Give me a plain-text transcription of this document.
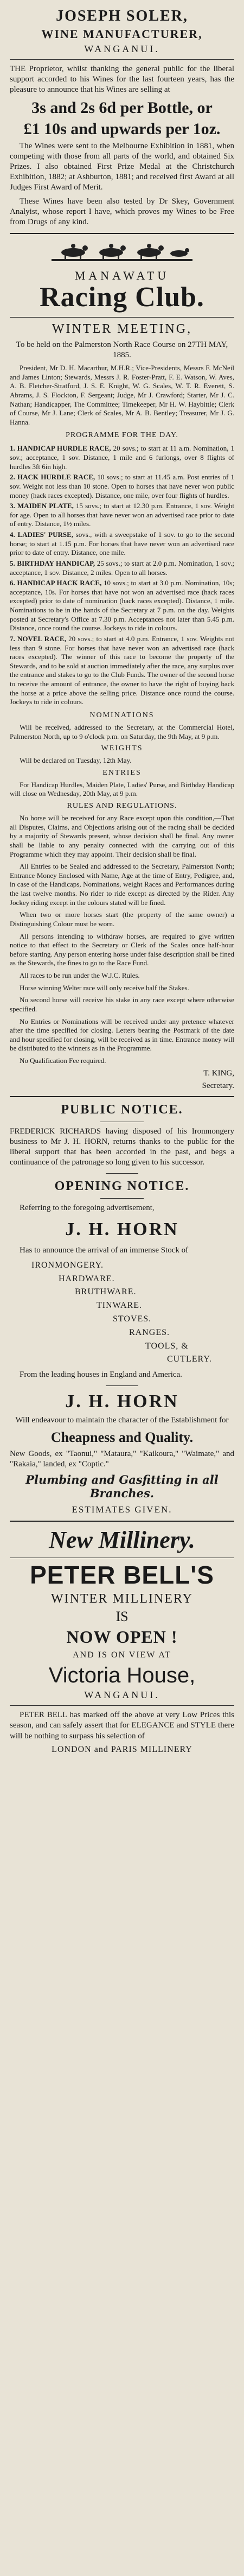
JOSEPH SOLER,
WINE MANUFACTURER,
WANGANUI.

THE Proprietor, whilst thanking the general public for the liberal support accorded to his Wines for the last fourteen years, has the pleasure to announce that his Wines are selling at

3s and 2s 6d per Bottle, or
£1 10s and upwards per 1oz.

The Wines were sent to the Melbourne Exhibition in 1881, when competing with those from all parts of the world, and obtained Six Prizes. I also obtained First Prize Medal at the Christchurch Exhibition, 1882; at Ashburton, 1881; and received first Award at all Judges First Award of Merit.

These Wines have been also tested by Dr Skey, Government Analyist, whose report I have, which proves my Wines to be Free from Drugs of any kind.

MANAWATU
Racing Club.
WINTER MEETING,

To be held on the Palmerston North Race Course on 27TH MAY, 1885.

President, Mr D. H. Macarthur, M.H.R.; Vice-Presidents, Messrs F. McNeil and James Linton; Stewards, Messrs J. R. Foster-Pratt, F. E. Watson, W. Aves, A. B. Fletcher-Stratford, J. S. E. Knight, W. G. Scales, W. T. R. Everett, S. Abrams, J. S. Flockton, F. Sergeant; Judge, Mr J. Crawford; Starter, Mr J. C. Nathan; Handicapper, The Committee; Timekeeper, Mr H. W. Haybittle; Clerk of Course, Mr J. Lane; Clerk of Scales, Mr A. B. Bentley; Treasurer, Mr J. G. Hanna.

PROGRAMME FOR THE DAY.
1. HANDICAP HURDLE RACE, 20 sovs.; to start at 11 a.m. Nomination, 1 sov.; acceptance, 1 sov. Distance, 1 mile and 6 furlongs, over 8 flights of hurdles 3ft 6in high.
2. HACK HURDLE RACE, 10 sovs.; to start at 11.45 a.m. Post entries of 1 sov. Weight not less than 10 stone. Open to horses that have never won public money (hack races excepted). Distance, one mile, over four flights of hurdles.
3. MAIDEN PLATE, 15 sovs.; to start at 12.30 p.m. Entrance, 1 sov. Weight for age. Open to all horses that have never won an advertised race prior to date of entry. Distance, 1½ miles.
4. LADIES' PURSE, sovs., with a sweepstake of 1 sov. to go to the second horse; to start at 1.15 p.m. For horses that have never won an advertised race prior to date of entry. Distance, one mile.
5. BIRTHDAY HANDICAP, 25 sovs.; to start at 2.0 p.m. Nomination, 1 sov.; acceptance, 1 sov. Distance, 2 miles. Open to all horses.
6. HANDICAP HACK RACE, 10 sovs.; to start at 3.0 p.m. Nomination, 10s; acceptance, 10s. For horses that have not won an advertised race (hack races excepted) prior to date of nomination (hack races excepted). Distance, 1 mile. Nominations to be in the hands of the Secretary at 7 p.m. on the day. Weights posted at Secretary's Office at 7.30 p.m. Acceptances not later than 5.45 p.m. Distance, once round the course. Jockeys to ride in colours.
7. NOVEL RACE, 20 sovs.; to start at 4.0 p.m. Entrance, 1 sov. Weights not less than 9 stone. For horses that have never won an advertised race (hack races excepted). The winner of this race to become the property of the Stewards, and to be sold at auction immediately after the race, any surplus over the entrance and stakes to go to the Club Funds. The owner of the second horse to receive the amount of entrance, the owner to have the right of buying back the horse at a price above the selling price. Distance once round the course. Jockeys to ride in colours.
NOMINATIONS

Will be received, addressed to the Secretary, at the Commercial Hotel, Palmerston North, up to 9 o'clock p.m. on Saturday, the 9th May, at 9 p.m.

WEIGHTS

Will be declared on Tuesday, 12th May.

ENTRIES

For Handicap Hurdles, Maiden Plate, Ladies' Purse, and Birthday Handicap will close on Wednesday, 20th May, at 9 p.m.

RULES AND REGULATIONS.

No horse will be received for any Race except upon this condition,—That all Disputes, Claims, and Objections arising out of the racing shall be decided by a majority of Stewards present, whose decision shall be final. Any owner shall be liable to any penalty connected with the carrying out of this Programme which they may appoint. Their decision shall be final.

All Entries to be Sealed and addressed to the Secretary, Palmerston North; Entrance Money Enclosed with Name, Age at the time of Entry, Pedigree, and, in case of the Handicaps, Nominations, weight Races and Performances during the last twelve months. No rider to ride except as directed by the Rider. Any Jockey riding except in the colours stated will be fined.

When two or more horses start (the property of the same owner) a Distinguishing Colour must be worn.

All persons intending to withdraw horses, are required to give written notice to that effect to the Secretary or Clerk of the Scales once half-hour before starting. Any person entering horse under false description shall be fined as the Stewards, the fines to go to the Race Fund.

All races to be run under the W.J.C. Rules.

Horse winning Welter race will only receive half the Stakes.

No second horse will receive his stake in any race except where otherwise specified.

No Entries or Nominations will be received under any pretence whatever after the time specified for closing. Letters bearing the Postmark of the date and hour specified for closing, will be received as in time. Entrance money will be distributed to the winners as in the Programme.

No Qualification Fee required.

T. KING,
Secretary.
PUBLIC NOTICE.

FREDERICK RICHARDS having disposed of his Ironmongery business to Mr J. H. HORN, returns thanks to the public for the liberal support that has been accorded in the past, and begs a continuance of the patronage so long given to his successor.

OPENING NOTICE.

Referring to the foregoing advertisement,

J. H. HORN

Has to announce the arrival of an immense Stock of

IRONMONGERY.
HARDWARE.
BRUTHWARE.
TINWARE.
STOVES.
RANGES.
TOOLS, &
CUTLERY.

From the leading houses in England and America.

J. H. HORN

Will endeavour to maintain the character of the Establishment for

Cheapness and Quality.

New Goods, ex "Taonui," "Mataura," "Kaikoura," "Waimate," and "Rakaia," landed, ex "Coptic."

Plumbing and Gasfitting in all
Branches.
ESTIMATES GIVEN.
New Millinery.
PETER BELL'S
WINTER MILLINERY
IS
NOW OPEN !
AND IS ON VIEW AT
Victoria House,
WANGANUI.

PETER BELL has marked off the above at very Low Prices this season, and can safely assert that for ELEGANCE and STYLE there will be nothing to surpass his selection of

LONDON and PARIS MILLINERY
